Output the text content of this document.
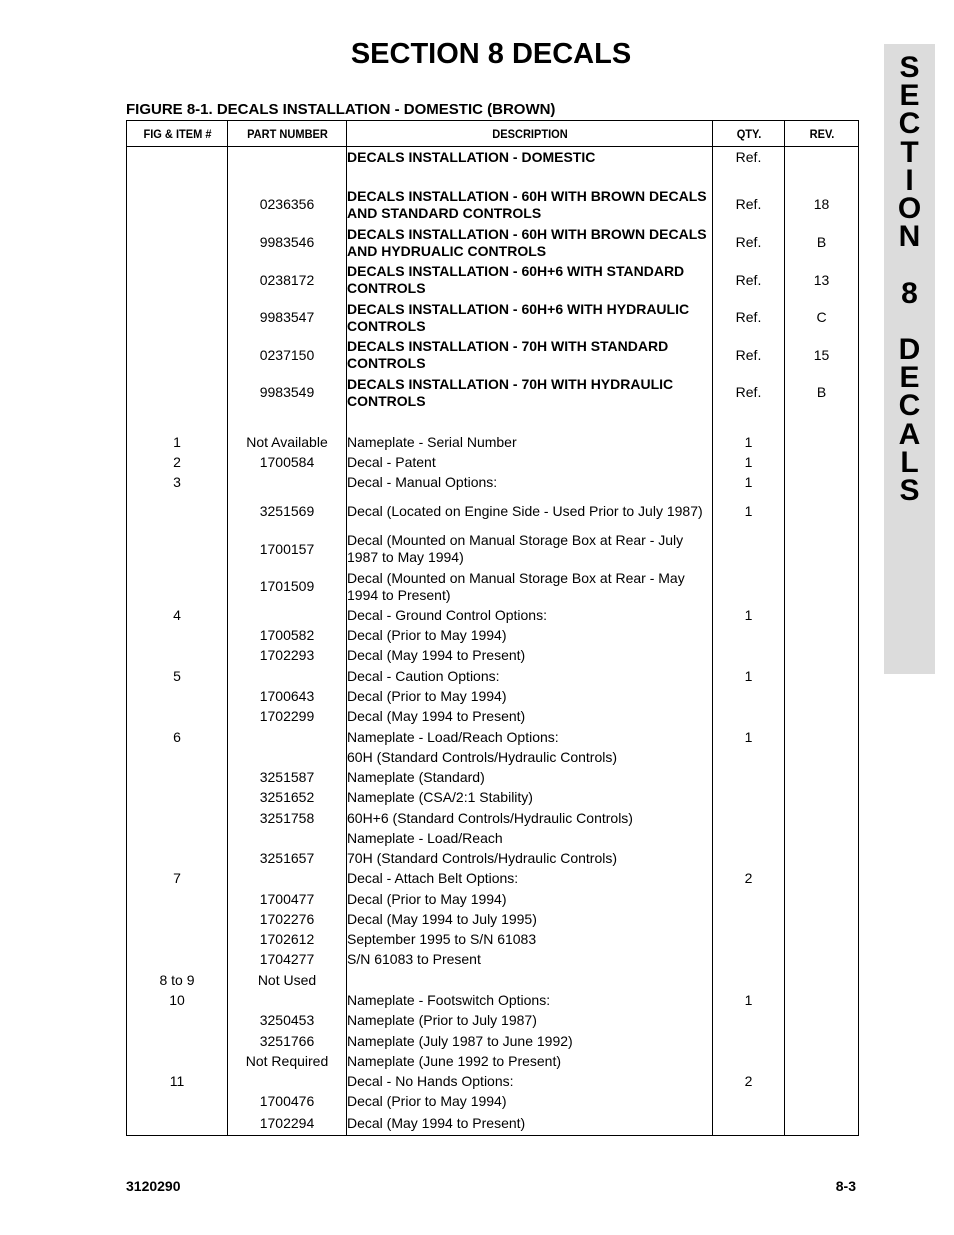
SECTION 8 DECALS
FIGURE 8-1. DECALS INSTALLATION - DOMESTIC (BROWN)
S
E
C
T
I
O
N
8
D
E
C
A
L
S
FIG & ITEM #	PART NUMBER	DESCRIPTION	QTY.	REV.
		DECALS INSTALLATION - DOMESTIC	Ref.	

	0236356	DECALS INSTALLATION - 60H WITH BROWN DECALS AND STANDARD CONTROLS	Ref.	18
	9983546	DECALS INSTALLATION - 60H WITH BROWN DECALS AND HYDRUALIC CONTROLS	Ref.	B
	0238172	DECALS INSTALLATION - 60H+6 WITH STANDARD CONTROLS	Ref.	13
	9983547	DECALS INSTALLATION - 60H+6 WITH HYDRAULIC CONTROLS	Ref.	C
	0237150	DECALS INSTALLATION - 70H WITH STANDARD CONTROLS	Ref.	15
	9983549	DECALS INSTALLATION - 70H WITH HYDRAULIC CONTROLS	Ref.	B

1	Not Available	Nameplate - Serial Number	1	
2	1700584	Decal - Patent	1	
3		Decal - Manual Options:	1	
	3251569	Decal (Located on Engine Side - Used Prior to July 1987)	1	
	1700157	Decal (Mounted on Manual Storage Box at Rear - July 1987 to May 1994)		
	1701509	Decal (Mounted on Manual Storage Box at Rear - May 1994 to Present)		
4		Decal - Ground Control Options:	1	
	1700582	Decal (Prior to May 1994)		
	1702293	Decal (May 1994 to Present)		
5		Decal - Caution Options:	1	
	1700643	Decal (Prior to May 1994)		
	1702299	Decal (May 1994 to Present)		
6		Nameplate - Load/Reach Options:	1	
		60H (Standard Controls/Hydraulic Controls)		
	3251587	Nameplate (Standard)		
	3251652	Nameplate (CSA/2:1 Stability)		
	3251758	60H+6 (Standard Controls/Hydraulic Controls)		
		Nameplate - Load/Reach		
	3251657	70H (Standard Controls/Hydraulic Controls)		
7		Decal - Attach Belt Options:	2	
	1700477	Decal (Prior to May 1994)		
	1702276	Decal (May 1994 to July 1995)		
	1702612	September 1995 to S/N 61083		
	1704277	S/N 61083 to Present		
8 to 9	Not Used			
10		Nameplate - Footswitch Options:	1	
	3250453	Nameplate (Prior to July 1987)		
	3251766	Nameplate (July 1987 to June 1992)		
	Not Required	Nameplate (June 1992 to Present)		
11		Decal - No Hands Options:	2	
	1700476	Decal (Prior to May 1994)		
	1702294	Decal (May 1994 to Present)		

3120290	8-3
